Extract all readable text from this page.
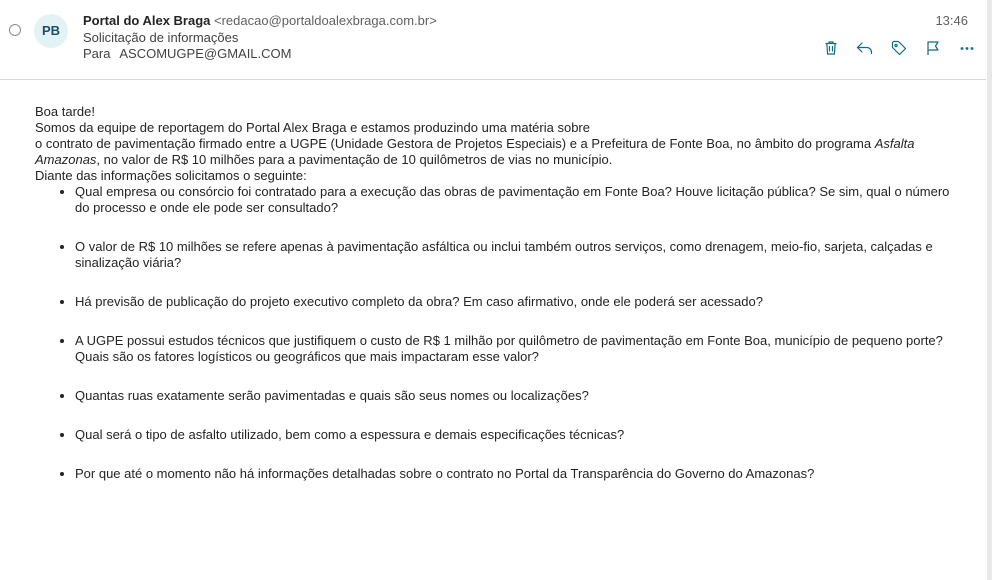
PB
Portal do Alex Braga <redacao@portaldoalexbraga.com.br>
Solicitação de informações
Para ASCOMUGPE@GMAIL.COM
13:46

Boa tarde!

Somos da equipe de reportagem do Portal Alex Braga e estamos produzindo uma matéria sobre
o contrato de pavimentação firmado entre a UGPE (Unidade Gestora de Projetos Especiais) e a Prefeitura de Fonte Boa, no âmbito do programa Asfalta Amazonas, no valor de R$ 10 milhões para a pavimentação de 10 quilômetros de vias no município.

Diante das informações solicitamos o seguinte:

• Qual empresa ou consórcio foi contratado para a execução das obras de pavimentação em Fonte Boa? Houve licitação pública? Se sim, qual o número do processo e onde ele pode ser consultado?
• O valor de R$ 10 milhões se refere apenas à pavimentação asfáltica ou inclui também outros serviços, como drenagem, meio-fio, sarjeta, calçadas e sinalização viária?
• Há previsão de publicação do projeto executivo completo da obra? Em caso afirmativo, onde ele poderá ser acessado?
• A UGPE possui estudos técnicos que justifiquem o custo de R$ 1 milhão por quilômetro de pavimentação em Fonte Boa, município de pequeno porte? Quais são os fatores logísticos ou geográficos que mais impactaram esse valor?
• Quantas ruas exatamente serão pavimentadas e quais são seus nomes ou localizações?
• Qual será o tipo de asfalto utilizado, bem como a espessura e demais especificações técnicas?
• Por que até o momento não há informações detalhadas sobre o contrato no Portal da Transparência do Governo do Amazonas?
